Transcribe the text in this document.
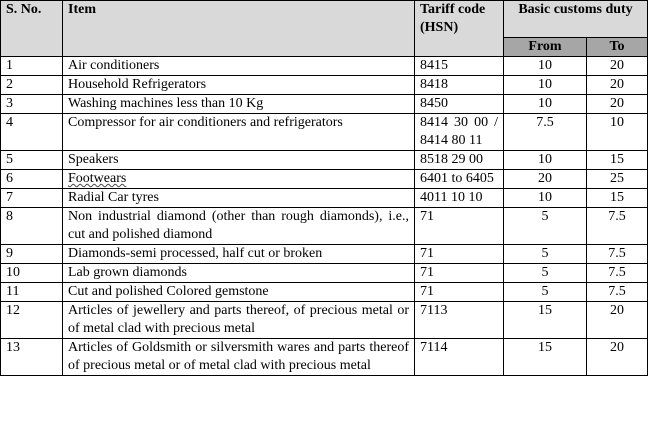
S. No.	Item	Tariff code (HSN)	Basic customs duty	
			From	To
1	Air conditioners	8415	10	20
2	Household Refrigerators	8418	10	20
3	Washing machines less than 10 Kg	8450	10	20
4	Compressor for air conditioners and refrigerators	8414 30 00 / 8414 80 11	7.5	10
5	Speakers	8518 29 00	10	15
6	Footwears	6401 to 6405	20	25
7	Radial Car tyres	4011 10 10	10	15
8	Non industrial diamond (other than rough diamonds), i.e., cut and polished diamond	71	5	7.5
9	Diamonds-semi processed, half cut or broken	71	5	7.5
10	Lab grown diamonds	71	5	7.5
11	Cut and polished Colored gemstone	71	5	7.5
12	Articles of jewellery and parts thereof, of precious metal or of metal clad with precious metal	7113	15	20
13	Articles of Goldsmith or silversmith wares and parts thereof of precious metal or of metal clad with precious metal	7114	15	20
